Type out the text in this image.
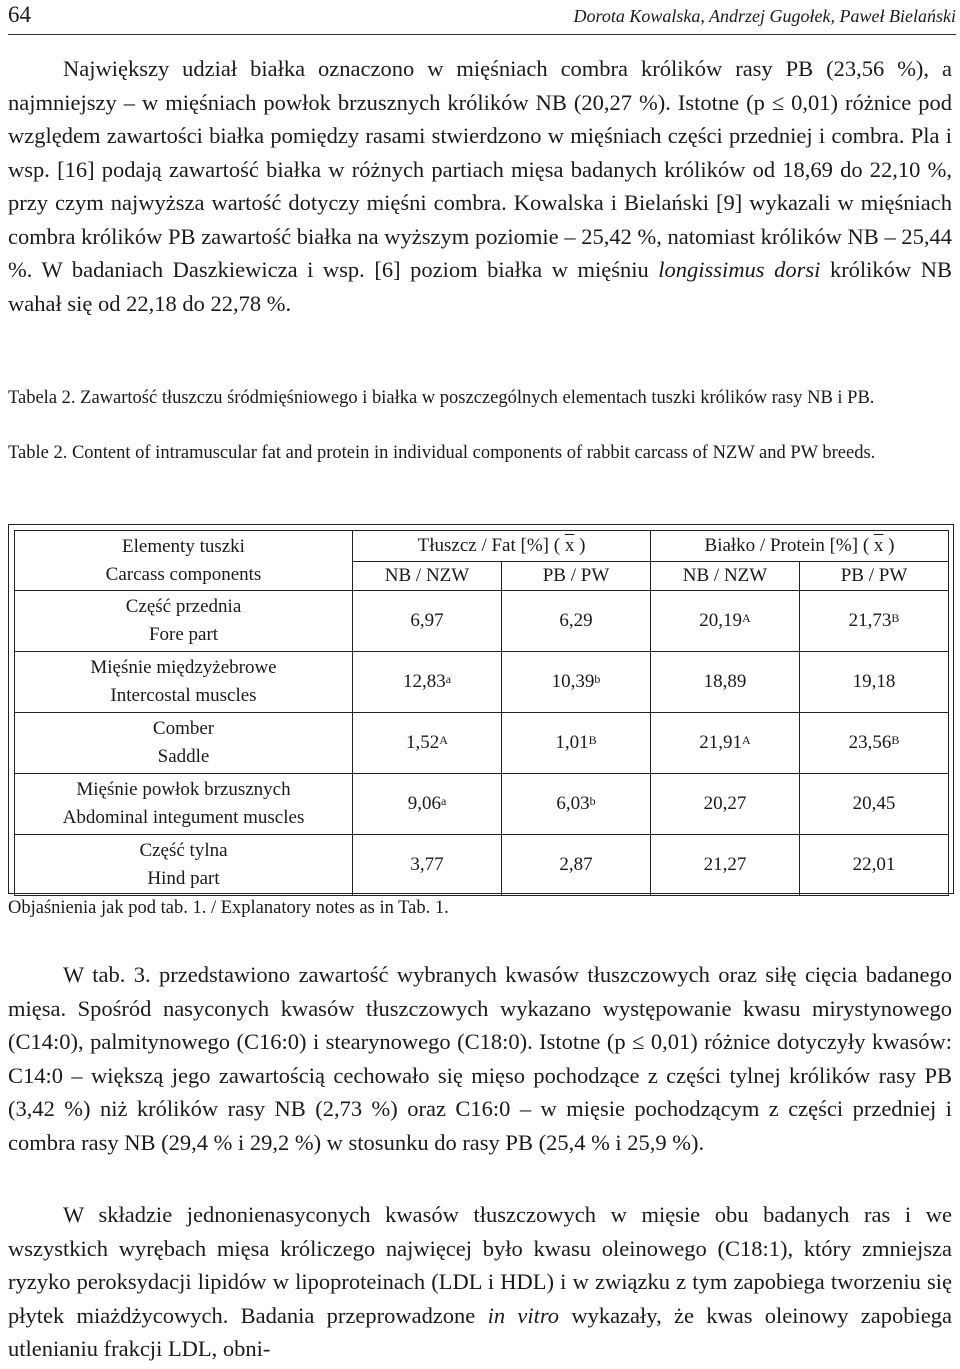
64	Dorota Kowalska, Andrzej Gugołek, Paweł Bielański

Największy udział białka oznaczono w mięśniach combra królików rasy PB (23,56 %), a najmniejszy – w mięśniach powłok brzusznych królików NB (20,27 %). Istotne (p ≤ 0,01) różnice pod względem zawartości białka pomiędzy rasami stwierdzono w mięśniach części przedniej i combra. Pla i wsp. [16] podają zawartość białka w różnych partiach mięsa badanych królików od 18,69 do 22,10 %, przy czym najwyższa wartość dotyczy mięśni combra. Kowalska i Bielański [9] wykazali w mięśniach combra królików PB zawartość białka na wyższym poziomie – 25,42 %, natomiast królików NB – 25,44 %. W badaniach Daszkiewicza i wsp. [6] poziom białka w mięśniu longissimus dorsi królików NB wahał się od 22,18 do 22,78 %.

Tabela 2. Zawartość tłuszczu śródmięśniowego i białka w poszczególnych elementach tuszki królików rasy NB i PB.

Table 2. Content of intramuscular fat and protein in individual components of rabbit carcass of NZW and PW breeds.

Elementy tuszki
Carcass components	Tłuszcz / Fat [%] ( $\overline{x}$ )		Białko / Protein [%] ( $\overline{x}$ )	
	NB / NZW	PB / PW	NB / NZW	PB / PW
Część przednia
Fore part	6,97	6,29	$20,19^A$	$21,73^B$
Mięśnie międzyżebrowe
Intercostal muscles	12,83$^a$	10,39$^b$	18,89	19,18
Comber
Saddle	$1,52^A$	$1,01^B$	$21,91^A$	$23,56^B$
Mięśnie powłok brzusznych
Abdominal integument muscles	9,06$^a$	6,03$^b$	20,27	20,45
Część tylna
Hind part	3,77	2,87	21,27	22,01

Objaśnienia jak pod tab. 1. / Explanatory notes as in Tab. 1.

W tab. 3. przedstawiono zawartość wybranych kwasów tłuszczowych oraz siłę cięcia badanego mięsa. Spośród nasyconych kwasów tłuszczowych wykazano występowanie kwasu mirystynowego (C14:0), palmitynowego (C16:0) i stearynowego (C18:0). Istotne (p ≤ 0,01) różnice dotyczyły kwasów: C14:0 – większą jego zawartością cechowało się mięso pochodzące z części tylnej królików rasy PB (3,42 %) niż królików rasy NB (2,73 %) oraz C16:0 – w mięsie pochodzącym z części przedniej i combra rasy NB (29,4 % i 29,2 %) w stosunku do rasy PB (25,4 % i 25,9 %).

W składzie jednonienasyconych kwasów tłuszczowych w mięsie obu badanych ras i we wszystkich wyrębach mięsa króliczego najwięcej było kwasu oleinowego (C18:1), który zmniejsza ryzyko peroksydacji lipidów w lipoproteinach (LDL i HDL) i w związku z tym zapobiega tworzeniu się płytek miażdżycowych. Badania przeprowadzone in vitro wykazały, że kwas oleinowy zapobiega utlenianiu frakcji LDL, obni-
